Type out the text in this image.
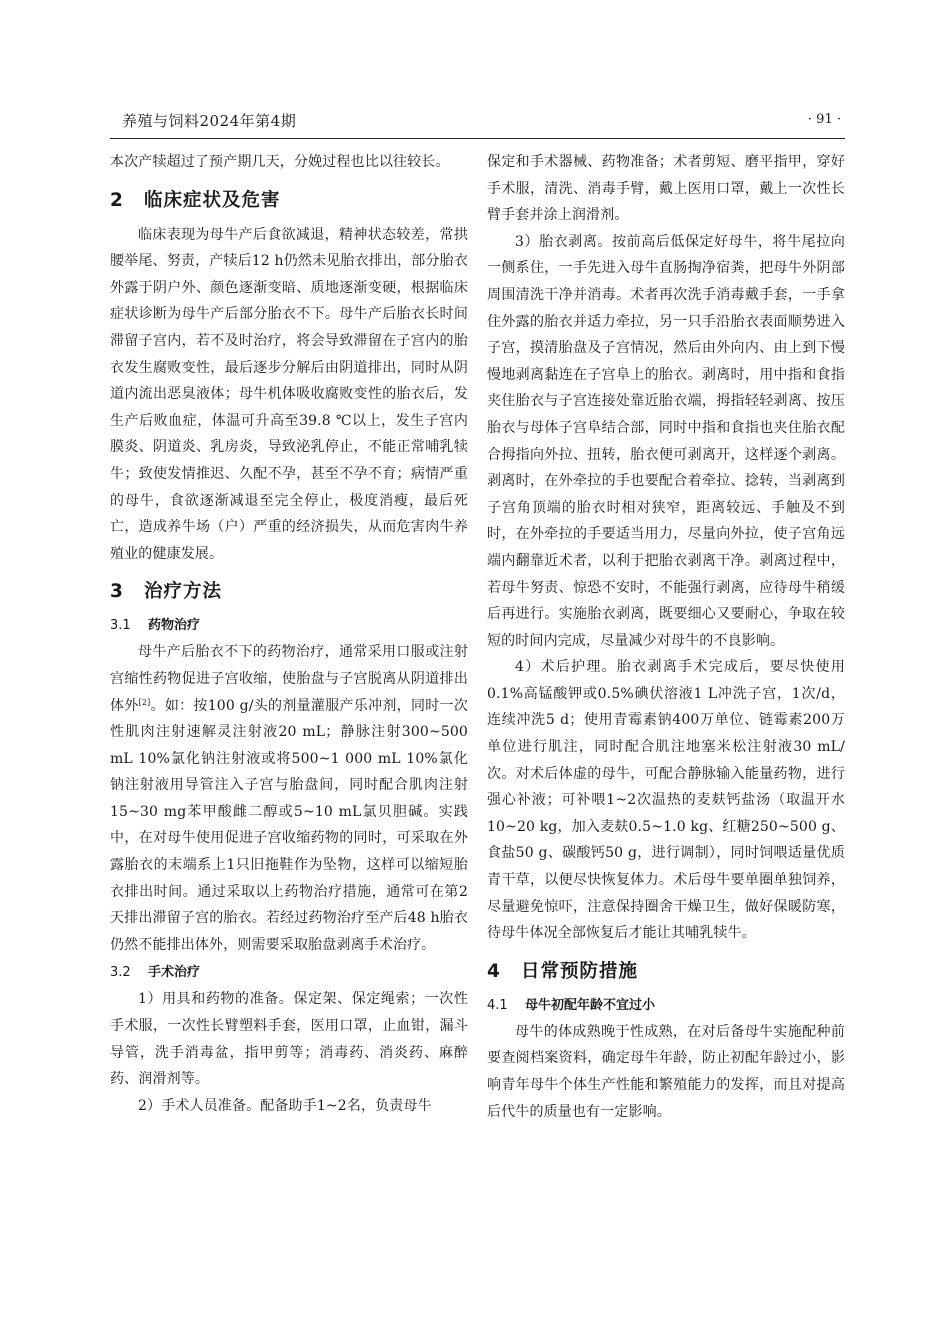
养殖与饲料2024年第4期	· 91 ·

本次产犊超过了预产期几天，分娩过程也比以往较长。

2 临床症状及危害

临床表现为母牛产后食欲减退，精神状态较差，常拱腰举尾、努责，产犊后12 h仍然未见胎衣排出，部分胎衣外露于阴户外、颜色逐渐变暗、质地逐渐变硬，根据临床症状诊断为母牛产后部分胎衣不下。母牛产后胎衣长时间滞留子宫内，若不及时治疗，将会导致滞留在子宫内的胎衣发生腐败变性，最后逐步分解后由阴道排出，同时从阴道内流出恶臭液体；母牛机体吸收腐败变性的胎衣后，发生产后败血症，体温可升高至39.8 ℃以上，发生子宫内膜炎、阴道炎、乳房炎，导致泌乳停止，不能正常哺乳犊牛；致使发情推迟、久配不孕，甚至不孕不育；病情严重的母牛，食欲逐渐减退至完全停止，极度消瘦，最后死亡，造成养牛场（户）严重的经济损失，从而危害肉牛养殖业的健康发展。

3 治疗方法
3.1 药物治疗

母牛产后胎衣不下的药物治疗，通常采用口服或注射宫缩性药物促进子宫收缩，使胎盘与子宫脱离从阴道排出体外[2]。如：按100 g/头的剂量灌服产乐冲剂，同时一次性肌肉注射速解灵注射液20 mL；静脉注射300~500 mL 10%氯化钠注射液或将500~1 000 mL 10%氯化钠注射液用导管注入子宫与胎盘间，同时配合肌肉注射15~30 mg苯甲酸雌二醇或5~10 mL氯贝胆碱。实践中，在对母牛使用促进子宫收缩药物的同时，可采取在外露胎衣的末端系上1只旧拖鞋作为坠物，这样可以缩短胎衣排出时间。通过采取以上药物治疗措施，通常可在第2天排出滞留子宫的胎衣。若经过药物治疗至产后48 h胎衣仍然不能排出体外，则需要采取胎盘剥离手术治疗。

3.2 手术治疗

1）用具和药物的准备。保定架、保定绳索；一次性手术服，一次性长臂塑料手套，医用口罩，止血钳，漏斗导管，洗手消毒盆，指甲剪等；消毒药、消炎药、麻醉药、润滑剂等。

2）手术人员准备。配备助手1~2名，负责母牛

保定和手术器械、药物准备；术者剪短、磨平指甲，穿好手术服，清洗、消毒手臂，戴上医用口罩，戴上一次性长臂手套并涂上润滑剂。

3）胎衣剥离。按前高后低保定好母牛，将牛尾拉向一侧系住，一手先进入母牛直肠掏净宿粪，把母牛外阴部周围清洗干净并消毒。术者再次洗手消毒戴手套，一手拿住外露的胎衣并适力牵拉，另一只手沿胎衣表面顺势进入子宫，摸清胎盘及子宫情况，然后由外向内、由上到下慢慢地剥离黏连在子宫阜上的胎衣。剥离时，用中指和食指夹住胎衣与子宫连接处靠近胎衣端，拇指轻轻剥离、按压胎衣与母体子宫阜结合部，同时中指和食指也夹住胎衣配合拇指向外拉、扭转，胎衣便可剥离开，这样逐个剥离。剥离时，在外牵拉的手也要配合着牵拉、捻转，当剥离到子宫角顶端的胎衣时相对狭窄，距离较远、手触及不到时，在外牵拉的手要适当用力，尽量向外拉，使子宫角远端内翻靠近术者，以利于把胎衣剥离干净。剥离过程中，若母牛努责、惊恐不安时，不能强行剥离，应待母牛稍缓后再进行。实施胎衣剥离，既要细心又要耐心，争取在较短的时间内完成，尽量减少对母牛的不良影响。

4）术后护理。胎衣剥离手术完成后，要尽快使用0.1%高锰酸钾或0.5%碘伏溶液1 L冲洗子宫，1次/d，连续冲洗5 d；使用青霉素钠400万单位、链霉素200万单位进行肌注，同时配合肌注地塞米松注射液30 mL/次。对术后体虚的母牛，可配合静脉输入能量药物，进行强心补液；可补喂1~2次温热的麦麸钙盐汤（取温开水10~20 kg，加入麦麸0.5~1.0 kg、红糖250~500 g、食盐50 g、碳酸钙50 g，进行调制），同时饲喂适量优质青干草，以便尽快恢复体力。术后母牛要单圈单独饲养，尽量避免惊吓，注意保持圈舍干燥卫生，做好保暖防寒，待母牛体况全部恢复后才能让其哺乳犊牛。

4 日常预防措施
4.1 母牛初配年龄不宜过小

母牛的体成熟晚于性成熟，在对后备母牛实施配种前要查阅档案资料，确定母牛年龄，防止初配年龄过小，影响青年母牛个体生产性能和繁殖能力的发挥，而且对提高后代牛的质量也有一定影响。
